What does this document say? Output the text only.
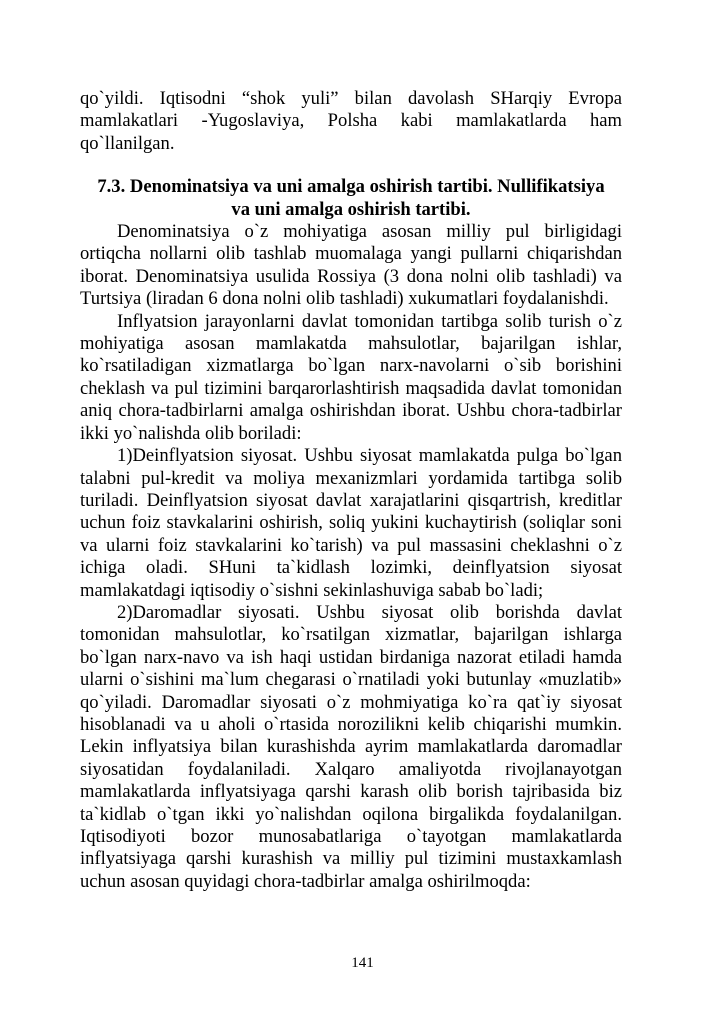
qo`yildi. Iqtisodni “shok yuli” bilan davolash SHarqiy Evropa mamlakatlari -Yugoslaviya, Polsha kabi mamlakatlarda ham qo`llanilgan.

7.3. Denominatsiya va uni amalga oshirish tartibi. Nullifikatsiya
va uni amalga oshirish tartibi.

Denominatsiya o`z mohiyatiga asosan milliy pul birligidagi ortiqcha nollarni olib tashlab muomalaga yangi pullarni chiqarishdan iborat. Denominatsiya usulida Rossiya (3 dona nolni olib tashladi) va Turtsiya (liradan 6 dona nolni olib tashladi) xukumatlari foydalanishdi.

Inflyatsion jarayonlarni davlat tomonidan tartibga solib turish o`z mohiyatiga asosan mamlakatda mahsulotlar, bajarilgan ishlar, ko`rsatiladigan xizmatlarga bo`lgan narx-navolarni o`sib borishini cheklash va pul tizimini barqarorlashtirish maqsadida davlat tomonidan aniq chora-tadbirlarni amalga oshirishdan iborat. Ushbu chora-tadbirlar ikki yo`nalishda olib boriladi:

1)Deinflyatsion siyosat. Ushbu siyosat mamlakatda pulga bo`lgan talabni pul-kredit va moliya mexanizmlari yordamida tartibga solib turiladi. Deinflyatsion siyosat davlat xarajatlarini qisqartrish, kreditlar uchun foiz stavkalarini oshirish, soliq yukini kuchaytirish (soliqlar soni va ularni foiz stavkalarini ko`tarish) va pul massasini cheklashni o`z ichiga oladi. SHuni ta`kidlash lozimki, deinflyatsion siyosat mamlakatdagi iqtisodiy o`sishni sekinlashuviga sabab bo`ladi;

2)Daromadlar siyosati. Ushbu siyosat olib borishda davlat tomonidan mahsulotlar, ko`rsatilgan xizmatlar, bajarilgan ishlarga bo`lgan narx-navo va ish haqi ustidan birdaniga nazorat etiladi hamda ularni o`sishini ma`lum chegarasi o`rnatiladi yoki butunlay «muzlatib» qo`yiladi. Daromadlar siyosati o`z mohmiyatiga ko`ra qat`iy siyosat hisoblanadi va u aholi o`rtasida norozilikni kelib chiqarishi mumkin. Lekin inflyatsiya bilan kurashishda ayrim mamlakatlarda daromadlar siyosatidan foydalaniladi. Xalqaro amaliyotda rivojlanayotgan mamlakatlarda inflyatsiyaga qarshi karash olib borish tajribasida biz ta`kidlab o`tgan ikki yo`nalishdan oqilona birgalikda foydalanilgan. Iqtisodiyoti bozor munosabatlariga o`tayotgan mamlakatlarda inflyatsiyaga qarshi kurashish va milliy pul tizimini mustaxkamlash uchun asosan quyidagi chora-tadbirlar amalga oshirilmoqda:

141
